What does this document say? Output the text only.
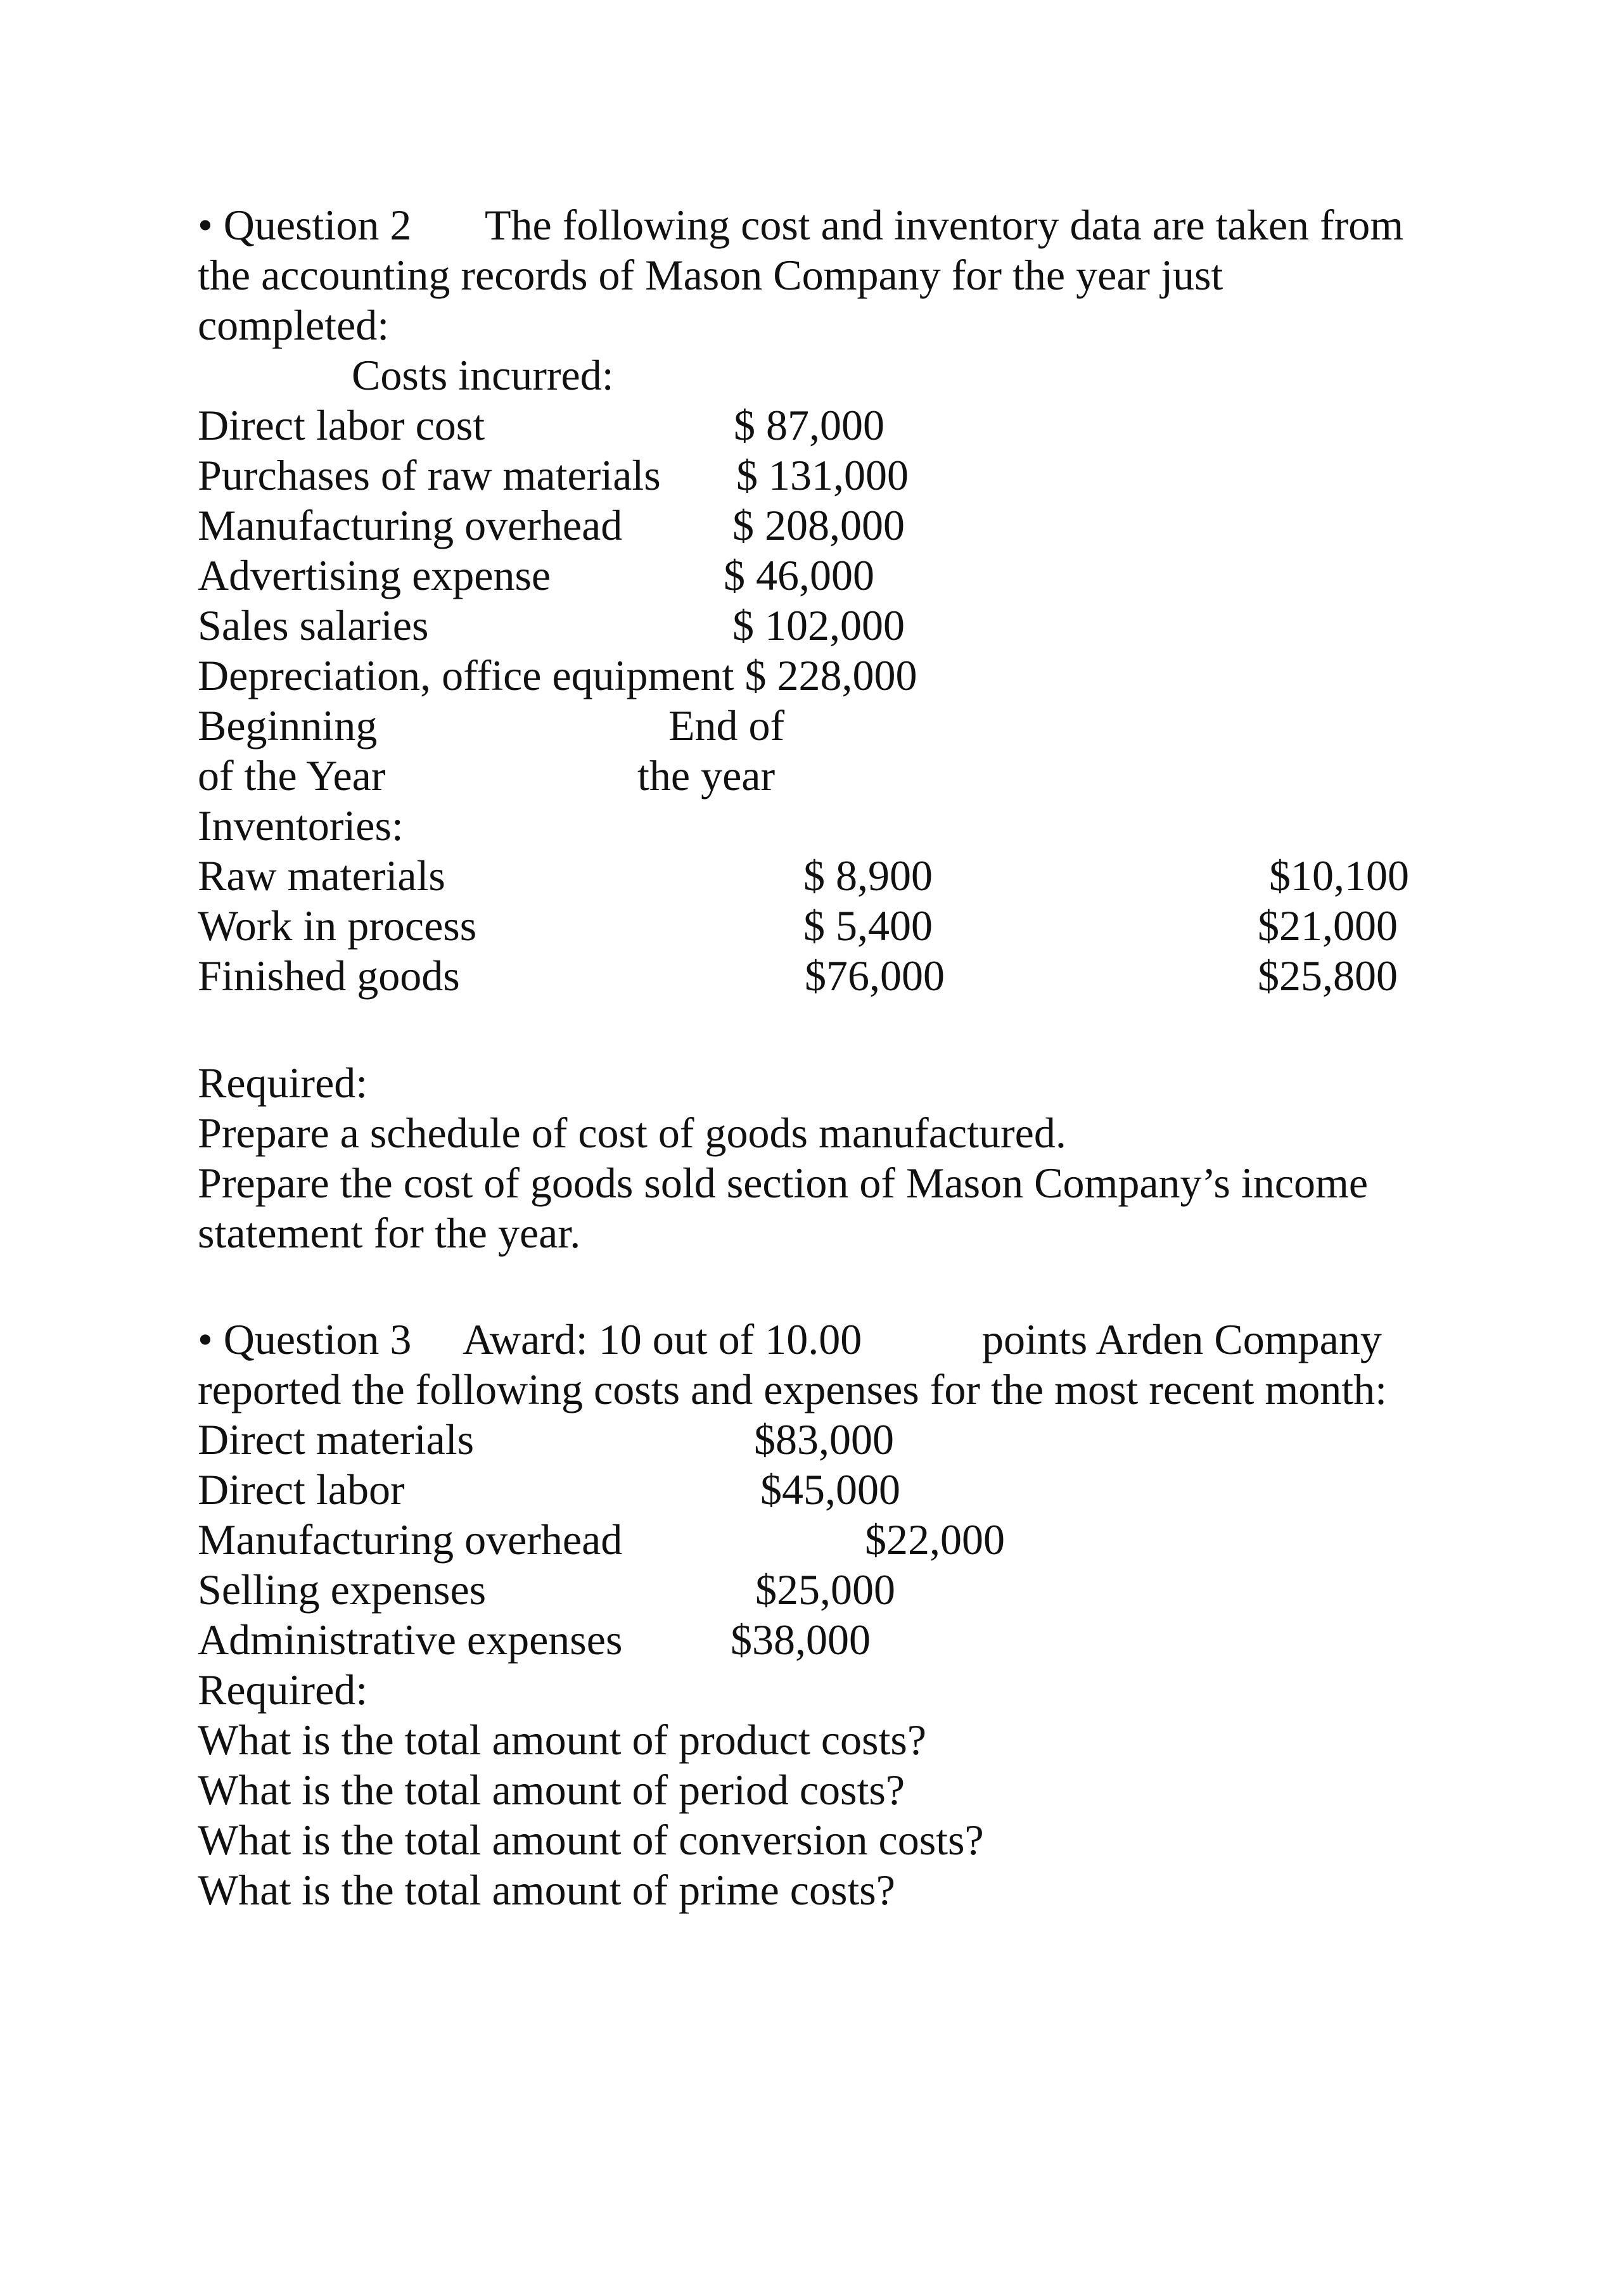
• Question 2 The following cost and inventory data are taken from
the accounting records of Mason Company for the year just
completed:
Costs incurred:
Direct labor cost	$ 87,000
Purchases of raw materials $ 131,000
Manufacturing overhead	$ 208,000
Advertising expense	$ 46,000
Sales salaries	$ 102,000
Depreciation, office equipment $ 228,000
Beginning	End of
of the Year	the year
Inventories:
Raw materials	$ 8,900	$10,100
Work in process	$ 5,400	$21,000
Finished goods	$76,000	$25,800
Required:
Prepare a schedule of cost of goods manufactured.
Prepare the cost of goods sold section of Mason Company’s income
statement for the year.
• Question 3 Award: 10 out of 10.00	points Arden Company
reported the following costs and expenses for the most recent month:
Direct materials	$83,000
Direct labor	$45,000
Manufacturing overhead	$22,000
Selling expenses	$25,000
Administrative expenses	$38,000
Required:
What is the total amount of product costs?
What is the total amount of period costs?
What is the total amount of conversion costs?
What is the total amount of prime costs?
